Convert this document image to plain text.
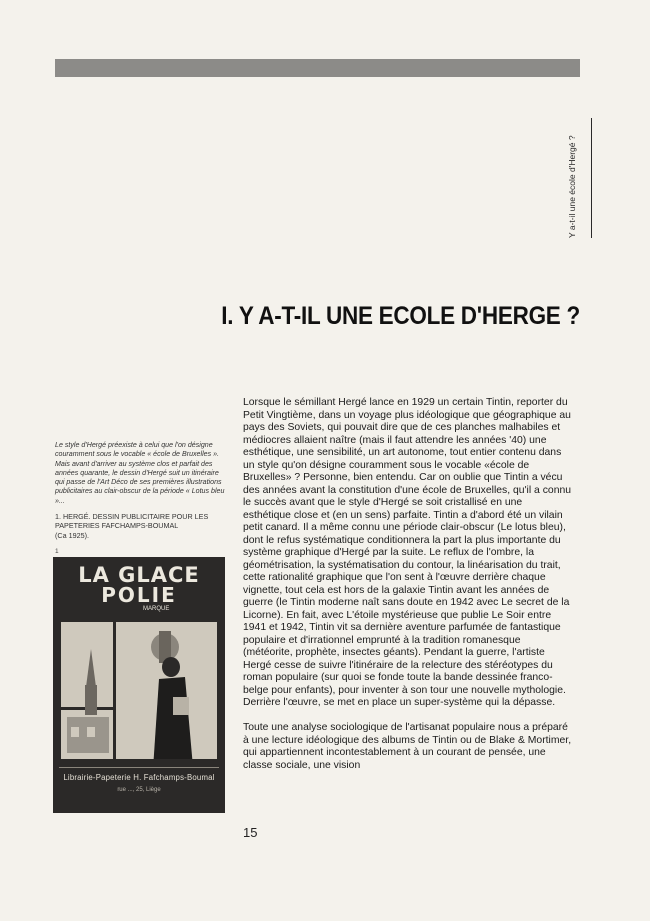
Y a-t-il une école d'Hergé ?
I. Y A-T-IL UNE ECOLE D'HERGE ?
Le style d'Hergé préexiste à celui que l'on désigne couramment sous le vocable « école de Bruxelles ». Mais avant d'arriver au système clos et parfait des années quarante, le dessin d'Hergé suit un itinéraire qui passe de l'Art Déco de ses premières illustrations publicitaires au clair-obscur de la période « Lotus bleu »...
1. HERGÉ. DESSIN PUBLICITAIRE POUR LES PAPETERIES FAFCHAMPS-BOUMAL
(Ca 1925).
1
LA GLACE
POLIE
MARQUE
Librairie-Papeterie H. Fafchamps-Boumal
rue ..., 25, Liège

Lorsque le sémillant Hergé lance en 1929 un certain Tintin, reporter du Petit Vingtième, dans un voyage plus idéologique que géographique au pays des Soviets, qui pouvait dire que de ces planches malhabiles et médiocres allaient naître (mais il faut attendre les années '40) une esthétique, une sensibilité, un art autonome, tout entier contenu dans un style qu'on désigne couramment sous le vocable «école de Bruxelles» ? Personne, bien entendu. Car on oublie que Tintin a vécu des années avant la constitution d'une école de Bruxelles, qu'il a connu le succès avant que le style d'Hergé se soit cristallisé en une esthétique close et (en un sens) parfaite. Tintin a d'abord été un vilain petit canard. Il a même connu une période clair-obscur (Le lotus bleu), dont le refus systématique conditionnera la part la plus importante du système graphique d'Hergé par la suite. Le reflux de l'ombre, la géométrisation, la systématisation du contour, la linéarisation du trait, cette rationalité graphique que l'on sent à l'œuvre derrière chaque vignette, tout cela est hors de la galaxie Tintin avant les années de guerre (le Tintin moderne naît sans doute en 1942 avec Le secret de la Licorne). En fait, avec L'étoile mystérieuse que publie Le Soir entre 1941 et 1942, Tintin vit sa dernière aventure parfumée de fantastique populaire et d'irrationnel emprunté à la tradition romanesque (météorite, prophète, insectes géants). Pendant la guerre, l'artiste Hergé cesse de suivre l'itinéraire de la relecture des stéréotypes du roman populaire (sur quoi se fonde toute la bande dessinée franco-belge pour enfants), pour inventer à son tour une nouvelle mythologie. Derrière l'œuvre, se met en place un super-système qui la dépasse.

Toute une analyse sociologique de l'artisanat populaire nous a préparé à une lecture idéologique des albums de Tintin ou de Blake & Mortimer, qui appartiennent incontestablement à un courant de pensée, une classe sociale, une vision

15
